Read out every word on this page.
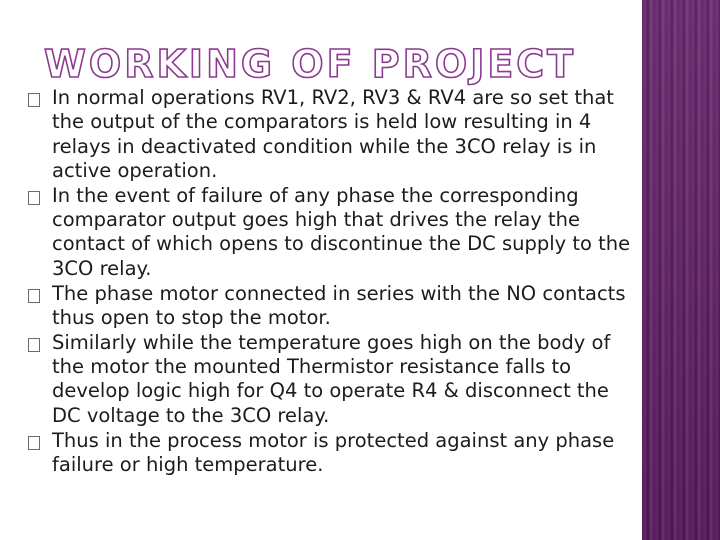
WORKING OF PROJECT
In normal operations RV1, RV2, RV3 & RV4 are so set that the output of the comparators is held low resulting in 4 relays in deactivated condition while the 3CO relay is in active operation.
In the event of failure of any phase the corresponding comparator output goes high that drives the relay the contact of which opens to discontinue the DC supply to the 3CO relay.
The phase motor connected in series with the NO contacts thus open to stop the motor.
Similarly while the temperature goes high on the body of the motor the mounted Thermistor resistance falls to develop logic high for Q4 to operate R4 & disconnect the DC voltage to the 3CO relay.
Thus in the process motor is protected against any phase failure or high temperature.
